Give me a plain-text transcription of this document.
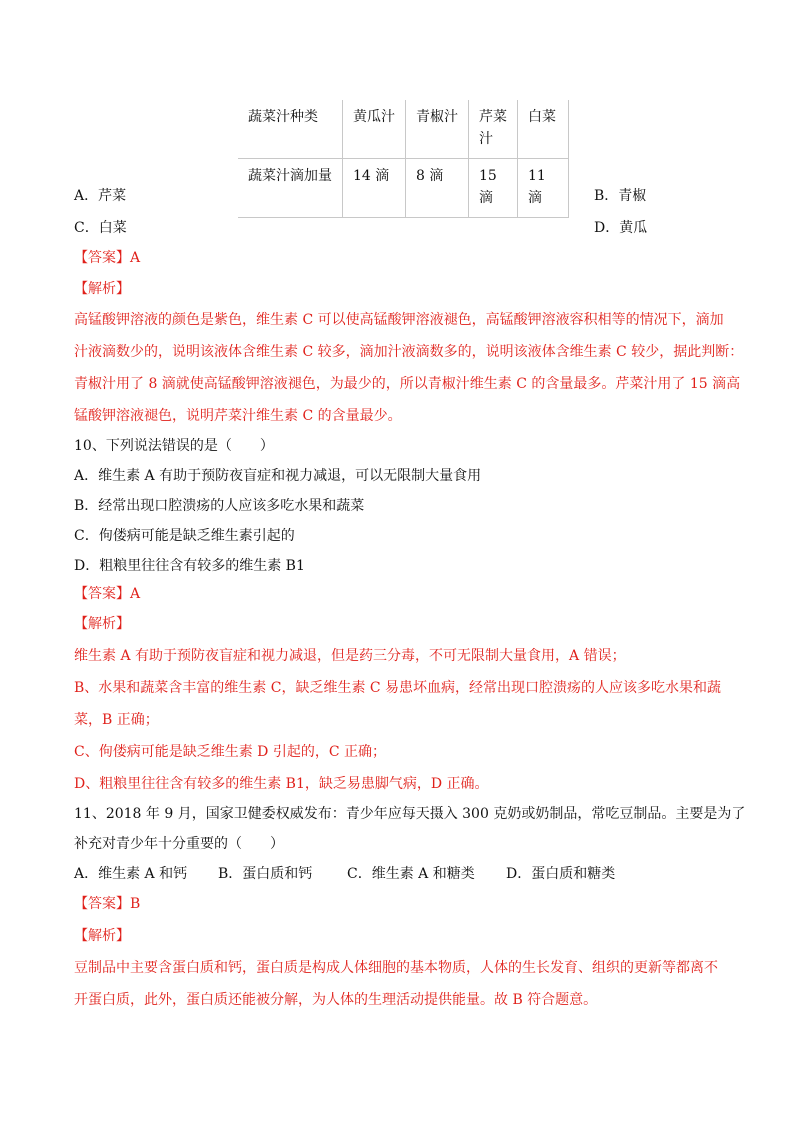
蔬菜汁种类	黄瓜汁	青椒汁	芹菜汁	白菜
蔬菜汁滴加量	14 滴	8 滴	15 滴	11 滴
A．芹菜	B．青椒
C．白菜	D．黄瓜
【答案】A
【解析】
高锰酸钾溶液的颜色是紫色，维生素 C 可以使高锰酸钾溶液褪色，高锰酸钾溶液容积相等的情况下，滴加
汁液滴数少的，说明该液体含维生素 C 较多，滴加汁液滴数多的，说明该液体含维生素 C 较少，据此判断：
青椒汁用了 8 滴就使高锰酸钾溶液褪色，为最少的，所以青椒汁维生素 C 的含量最多。芹菜汁用了 15 滴高
锰酸钾溶液褪色，说明芹菜汁维生素 C 的含量最少。
10、下列说法错误的是（　　）
A．维生素 A 有助于预防夜盲症和视力减退，可以无限制大量食用
B．经常出现口腔溃疡的人应该多吃水果和蔬菜
C．佝偻病可能是缺乏维生素引起的
D．粗粮里往往含有较多的维生素 B1
【答案】A
【解析】
维生素 A 有助于预防夜盲症和视力减退，但是药三分毒，不可无限制大量食用，A 错误；
B、水果和蔬菜含丰富的维生素 C，缺乏维生素 C 易患坏血病，经常出现口腔溃疡的人应该多吃水果和蔬
菜，B 正确；
C、佝偻病可能是缺乏维生素 D 引起的，C 正确；
D、粗粮里往往含有较多的维生素 B1，缺乏易患脚气病，D 正确。
11、2018 年 9 月，国家卫健委权威发布：青少年应每天摄入 300 克奶或奶制品，常吃豆制品。主要是为了
补充对青少年十分重要的（　　）
A．维生素 A 和钙 B．蛋白质和钙 C．维生素 A 和糖类 D．蛋白质和糖类
【答案】B
【解析】
豆制品中主要含蛋白质和钙，蛋白质是构成人体细胞的基本物质，人体的生长发育、组织的更新等都离不
开蛋白质，此外，蛋白质还能被分解，为人体的生理活动提供能量。故 B 符合题意。
